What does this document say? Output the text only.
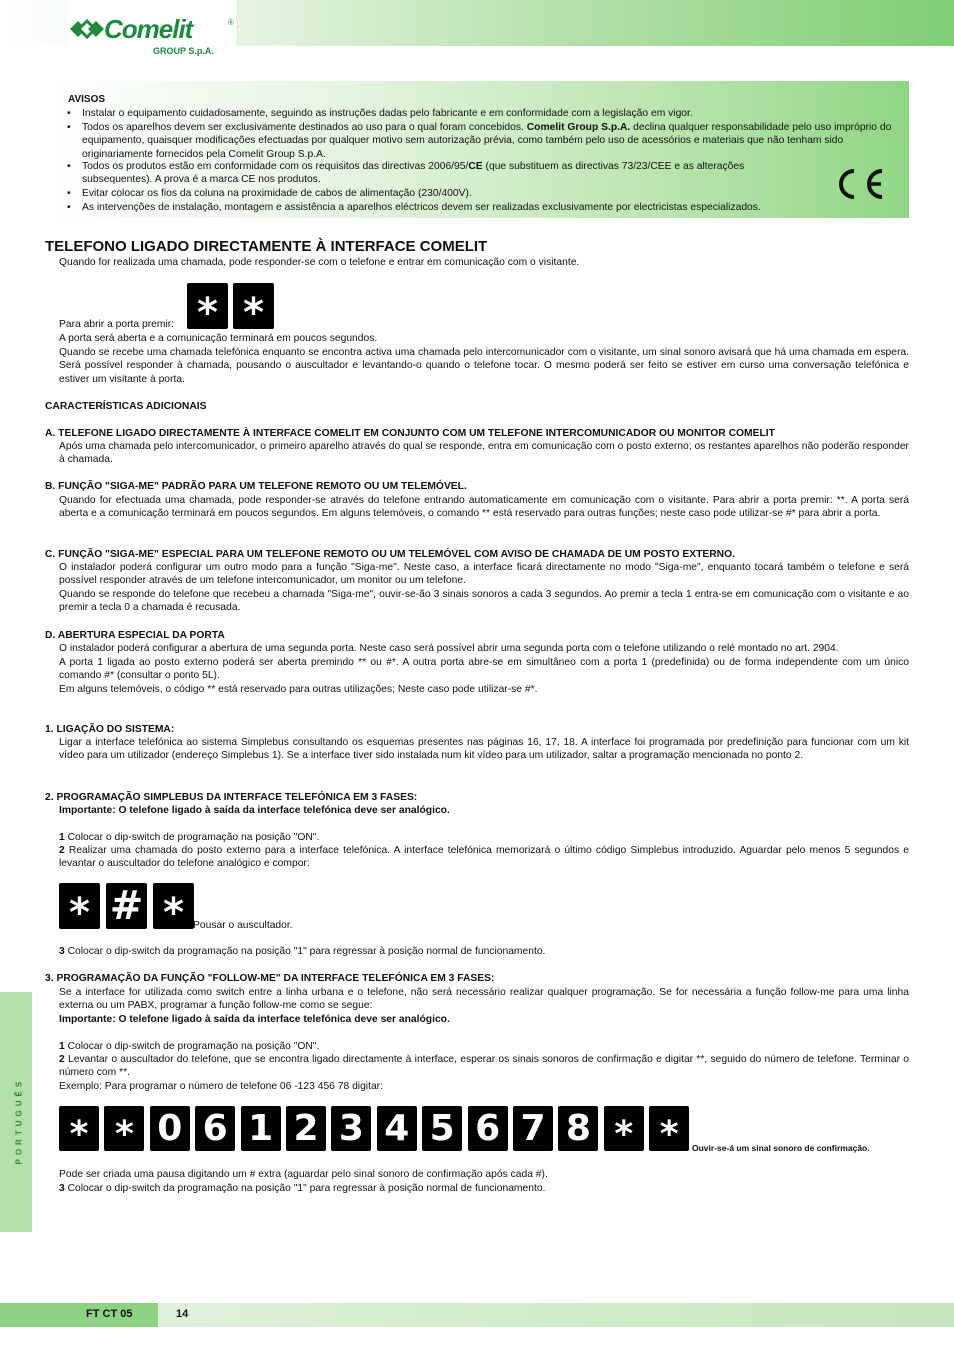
Comelit	®
GROUP S.p.A.
AVISOS
• Instalar o equipamento cuidadosamente, seguindo as instruções dadas pelo fabricante e em conformidade com a legislação em vigor.
• Todos os aparelhos devem ser exclusivamente destinados ao uso para o qual foram concebidos. Comelit Group S.p.A. declina qualquer responsabilidade pelo uso impróprio do equipamento, quaisquer modificações efectuadas por qualquer motivo sem autorização prévia, como também pelo uso de acessórios e materiais que não tenham sido originariamente fornecidos pela Comelit Group S.p.A.
• Todos os produtos estão em conformidade com os requisitos das directivas 2006/95/CE (que substituem as directivas 73/23/CEE e as alterações subsequentes). A prova é a marca CE nos produtos.
• Evitar colocar os fios da coluna na proximidade de cabos de alimentação (230/400V).
• As intervenções de instalação, montagem e assistência a aparelhos eléctricos devem ser realizadas exclusivamente por electricistas especializados.
TELEFONO LIGADO DIRECTAMENTE À INTERFACE COMELIT
Quando for realizada uma chamada, pode responder-se com o telefone e entrar em comunicação com o visitante.
Para abrir a porta premir: * *
A porta será aberta e a comunicação terminará em poucos segundos.
Quando se recebe uma chamada telefónica enquanto se encontra activa uma chamada pelo intercomunicador com o visitante, um sinal sonoro avisará que há uma chamada em espera. Será possível responder à chamada, pousando o auscultador e levantando-o quando o telefone tocar. O mesmo poderá ser feito se estiver em curso uma conversação telefónica e estiver um visitante à porta.
CARACTERÍSTICAS ADICIONAIS
A. TELEFONE LIGADO DIRECTAMENTE À INTERFACE COMELIT EM CONJUNTO COM UM TELEFONE INTERCOMUNICADOR OU MONITOR COMELIT
Após uma chamada pelo intercomunicador, o primeiro aparelho através do qual se responde, entra em comunicação com o posto externo; os restantes aparelhos não poderão responder à chamada.
B. FUNÇÃO "SIGA-ME" PADRÃO PARA UM TELEFONE REMOTO OU UM TELEMÓVEL.
Quando for efectuada uma chamada, pode responder-se através do telefone entrando automaticamente em comunicação com o visitante. Para abrir a porta premir: **. A porta será aberta e a comunicação terminará em poucos segundos. Em alguns telemóveis, o comando ** está reservado para outras funções; neste caso pode utilizar-se #* para abrir a porta.
C. FUNÇÃO "SIGA-ME" ESPECIAL PARA UM TELEFONE REMOTO OU UM TELEMÓVEL COM AVISO DE CHAMADA DE UM POSTO EXTERNO.
O instalador poderá configurar um outro modo para a função "Siga-me". Neste caso, a interface ficará directamente no modo "Siga-me", enquanto tocará também o telefone e será possível responder através de um telefone intercomunicador, um monitor ou um telefone.
Quando se responde do telefone que recebeu a chamada "Siga-me", ouvir-se-ão 3 sinais sonoros a cada 3 segundos. Ao premir a tecla 1 entra-se em comunicação com o visitante e ao premir a tecla 0 a chamada é recusada.
D. ABERTURA ESPECIAL DA PORTA
O instalador poderá configurar a abertura de uma segunda porta. Neste caso será possível abrir uma segunda porta com o telefone utilizando o relé montado no art. 2904.
A porta 1 ligada ao posto externo poderá ser aberta premindo ** ou #*. A outra porta abre-se em simultâneo com a porta 1 (predefinida) ou de forma independente com um único comando #* (consultar o ponto 5L).
Em alguns telemóveis, o código ** está reservado para outras utilizações; Neste caso pode utilizar-se #*.
1. LIGAÇÃO DO SISTEMA:
Ligar a interface telefónica ao sistema Simplebus consultando os esquemas presentes nas páginas 16, 17, 18. A interface foi programada por predefinição para funcionar com um kit vídeo para um utilizador (endereço Simplebus 1). Se a interface tiver sido instalada num kit vídeo para um utilizador, saltar a programação mencionada no ponto 2.
2. PROGRAMAÇÃO SIMPLEBUS DA INTERFACE TELEFÓNICA EM 3 FASES:
Importante: O telefone ligado à saída da interface telefónica deve ser analógico.
1 Colocar o dip-switch de programação na posição "ON".
2 Realizar uma chamada do posto externo para a interface telefónica. A interface telefónica memorizará o último código Simplebus introduzido. Aguardar pelo menos 5 segundos e levantar o auscultador do telefone analógico e compor:
* # * Pousar o auscultador.
3 Colocar o dip-switch da programação na posição "1" para regressar à posição normal de funcionamento.
3. PROGRAMAÇÃO DA FUNÇÃO "FOLLOW-ME" DA INTERFACE TELEFÓNICA EM 3 FASES:
Se a interface for utilizada como switch entre a linha urbana e o telefone, não será necessário realizar qualquer programação. Se for necessária a função follow-me para uma linha externa ou um PABX, programar a função follow-me como se segue:
Importante: O telefone ligado à saída da interface telefónica deve ser analógico.
1 Colocar o dip-switch de programação na posição "ON".
2 Levantar o auscultador do telefone, que se encontra ligado directamente à interface, esperar os sinais sonoros de confirmação e digitar **, seguido do número de telefone. Terminar o número com **.
Exemplo: Para programar o número de telefone 06 -123 456 78 digitar:
* * 0 6 1 2 3 4 5 6 7 8 * *	Ouvir-se-á um sinal sonoro de confirmação.
Pode ser criada uma pausa digitando um # extra (aguardar pelo sinal sonoro de confirmação após cada #).
3 Colocar o dip-switch da programação na posição "1" para regressar à posição normal de funcionamento.
PORTUGUÊS
FT CT 05	14
